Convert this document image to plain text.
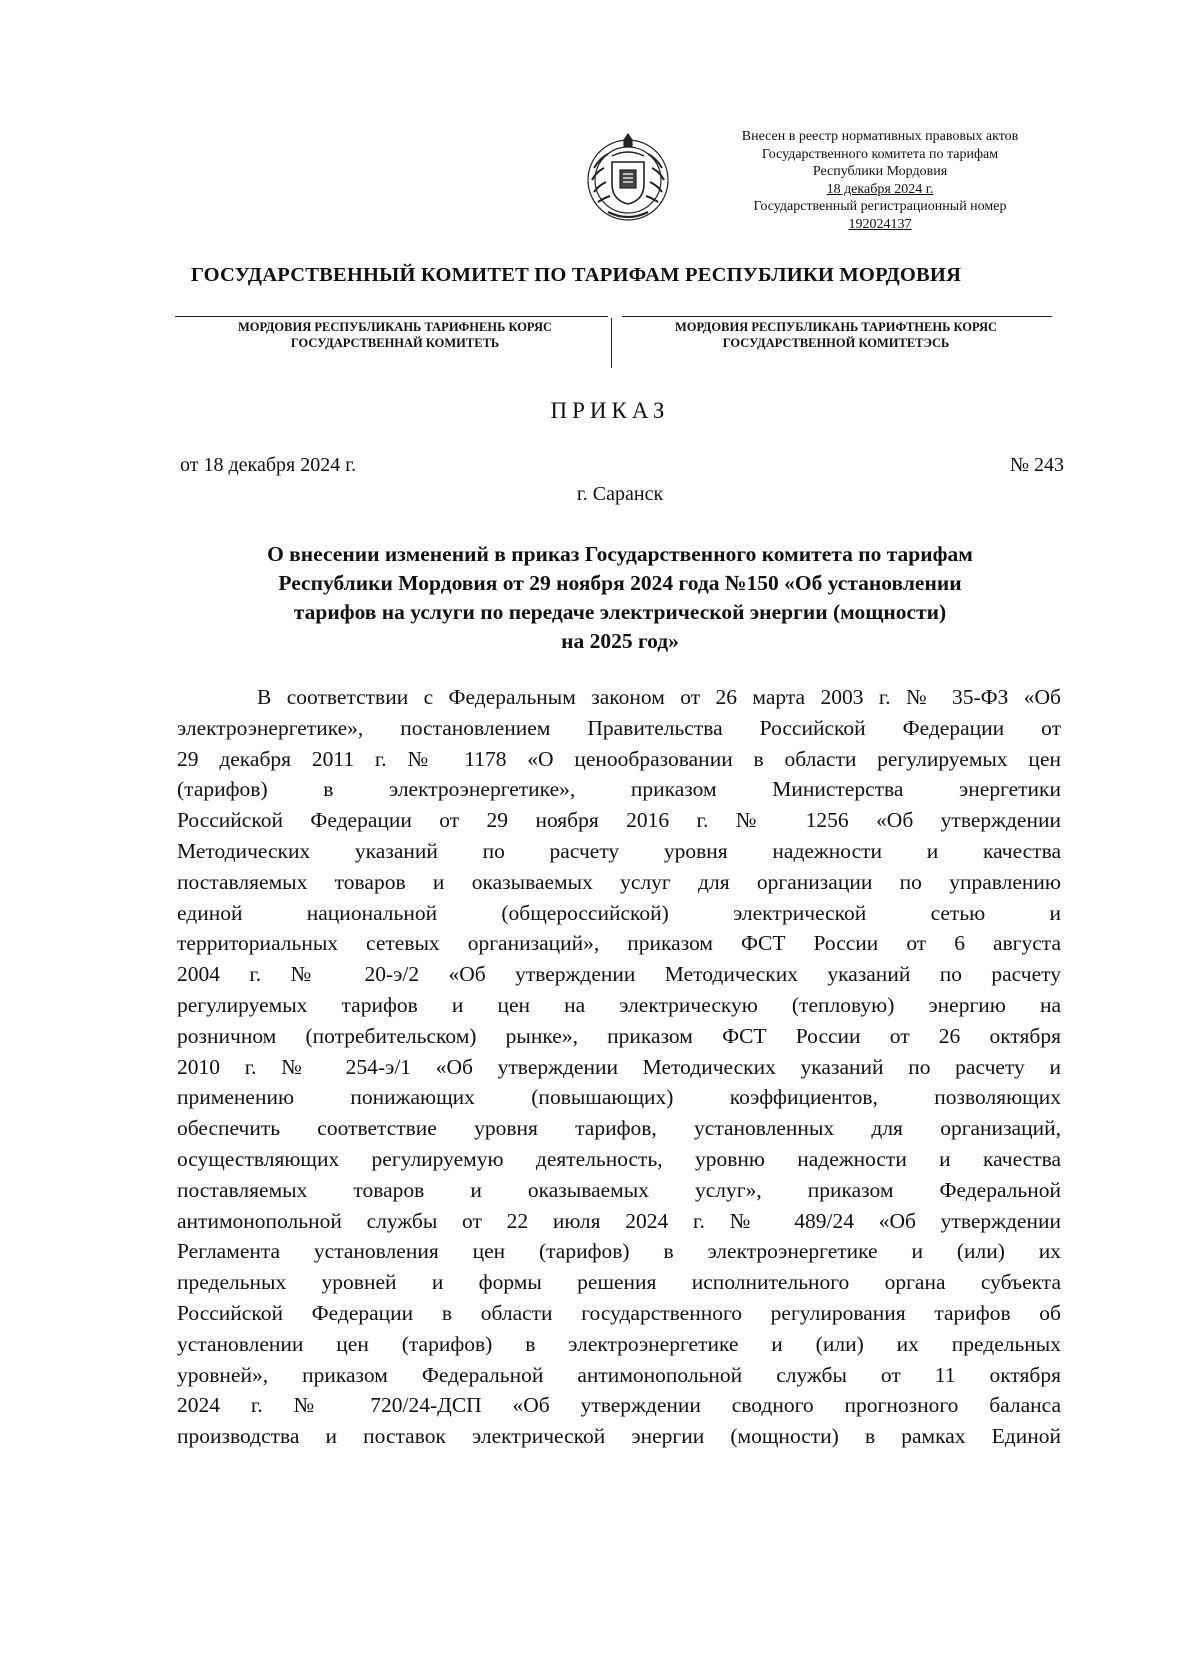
Внесен в реестр нормативных правовых актов
Государственного комитета по тарифам
Республики Мордовия
18 декабря 2024 г.
Государственный регистрационный номер
192024137
ГОСУДАРСТВЕННЫЙ КОМИТЕТ ПО ТАРИФАМ РЕСПУБЛИКИ МОРДОВИЯ
МОРДОВИЯ РЕСПУБЛИКАНЬ ТАРИФНЕНЬ КОРЯС
ГОСУДАРСТВЕННАЙ КОМИТЕТЬ
МОРДОВИЯ РЕСПУБЛИКАНЬ ТАРИФТНЕНЬ КОРЯС
ГОСУДАРСТВЕННОЙ КОМИТЕТЭСЬ
ПРИКАЗ
от 18 декабря 2024 г.	№ 243
г. Саранск
О внесении изменений в приказ Государственного комитета по тарифам
Республики Мордовия от 29 ноября 2024 года №150 «Об установлении
тарифов на услуги по передаче электрической энергии (мощности)
на 2025 год»
В соответствии с Федеральным законом от 26 марта 2003 г. № 35-ФЗ «Об
электроэнергетике», постановлением Правительства Российской Федерации от
29 декабря 2011 г. № 1178 «О ценообразовании в области регулируемых цен
(тарифов) в электроэнергетике», приказом Министерства энергетики
Российской Федерации от 29 ноября 2016 г. № 1256 «Об утверждении
Методических указаний по расчету уровня надежности и качества
поставляемых товаров и оказываемых услуг для организации по управлению
единой национальной (общероссийской) электрической сетью и
территориальных сетевых организаций», приказом ФСТ России от 6 августа
2004 г. № 20-э/2 «Об утверждении Методических указаний по расчету
регулируемых тарифов и цен на электрическую (тепловую) энергию на
розничном (потребительском) рынке», приказом ФСТ России от 26 октября
2010 г. № 254-э/1 «Об утверждении Методических указаний по расчету и
применению понижающих (повышающих) коэффициентов, позволяющих
обеспечить соответствие уровня тарифов, установленных для организаций,
осуществляющих регулируемую деятельность, уровню надежности и качества
поставляемых товаров и оказываемых услуг», приказом Федеральной
антимонопольной службы от 22 июля 2024 г. № 489/24 «Об утверждении
Регламента установления цен (тарифов) в электроэнергетике и (или) их
предельных уровней и формы решения исполнительного органа субъекта
Российской Федерации в области государственного регулирования тарифов об
установлении цен (тарифов) в электроэнергетике и (или) их предельных
уровней», приказом Федеральной антимонопольной службы от 11 октября
2024 г. № 720/24-ДСП «Об утверждении сводного прогнозного баланса
производства и поставок электрической энергии (мощности) в рамках Единой
